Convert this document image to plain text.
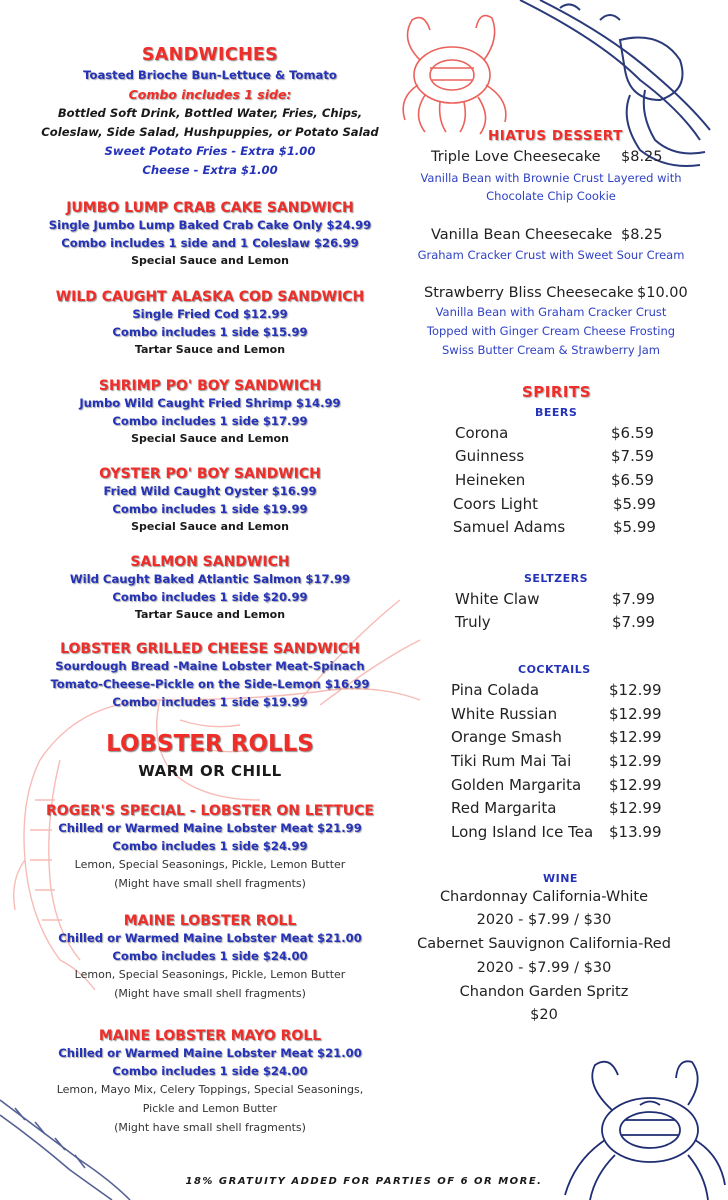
SANDWICHES
Toasted Brioche Bun-Lettuce & Tomato
Combo includes 1 side:
Bottled Soft Drink, Bottled Water, Fries, Chips,
Coleslaw, Side Salad, Hushpuppies, or Potato Salad
Sweet Potato Fries - Extra $1.00
Cheese - Extra $1.00
JUMBO LUMP CRAB CAKE SANDWICH
Single Jumbo Lump Baked Crab Cake Only $24.99
Combo includes 1 side and 1 Coleslaw $26.99
Special Sauce and Lemon
WILD CAUGHT ALASKA COD SANDWICH
Single Fried Cod $12.99
Combo includes 1 side $15.99
Tartar Sauce and Lemon
SHRIMP PO' BOY SANDWICH
Jumbo Wild Caught Fried Shrimp $14.99
Combo includes 1 side $17.99
Special Sauce and Lemon
OYSTER PO' BOY SANDWICH
Fried Wild Caught Oyster $16.99
Combo includes 1 side $19.99
Special Sauce and Lemon
SALMON SANDWICH
Wild Caught Baked Atlantic Salmon $17.99
Combo includes 1 side $20.99
Tartar Sauce and Lemon
LOBSTER GRILLED CHEESE SANDWICH
Sourdough Bread -Maine Lobster Meat-Spinach
Tomato-Cheese-Pickle on the Side-Lemon $16.99
Combo includes 1 side $19.99
LOBSTER ROLLS
WARM OR CHILL
ROGER'S SPECIAL - LOBSTER ON LETTUCE
Chilled or Warmed Maine Lobster Meat $21.99
Combo includes 1 side $24.99
Lemon, Special Seasonings, Pickle, Lemon Butter
(Might have small shell fragments)
MAINE LOBSTER ROLL
Chilled or Warmed Maine Lobster Meat $21.00
Combo includes 1 side $24.00
Lemon, Special Seasonings, Pickle, Lemon Butter
(Might have small shell fragments)
MAINE LOBSTER MAYO ROLL
Chilled or Warmed Maine Lobster Meat $21.00
Combo includes 1 side $24.00
Lemon, Mayo Mix, Celery Toppings, Special Seasonings,
Pickle and Lemon Butter
(Might have small shell fragments)
HIATUS DESSERT
Triple Love Cheesecake $8.25
Vanilla Bean with Brownie Crust Layered with
Chocolate Chip Cookie
Vanilla Bean Cheesecake $8.25
Graham Cracker Crust with Sweet Sour Cream
Strawberry Bliss Cheesecake $10.00
Vanilla Bean with Graham Cracker Crust
Topped with Ginger Cream Cheese Frosting
Swiss Butter Cream & Strawberry Jam
SPIRITS
BEERS
Corona	$6.59
Guinness	$7.59
Heineken	$6.59
Coors Light	$5.99
Samuel Adams	$5.99
SELTZERS
White Claw	$7.99
Truly	$7.99
COCKTAILS
Pina Colada	$12.99
White Russian	$12.99
Orange Smash	$12.99
Tiki Rum Mai Tai	$12.99
Golden Margarita $12.99
Red Margarita	$12.99
Long Island Ice Tea $13.99
WINE
Chardonnay California-White
2020 - $7.99 / $30
Cabernet Sauvignon California-Red
2020 - $7.99 / $30
Chandon Garden Spritz
$20
18% GRATUITY ADDED FOR PARTIES OF 6 OR MORE.
